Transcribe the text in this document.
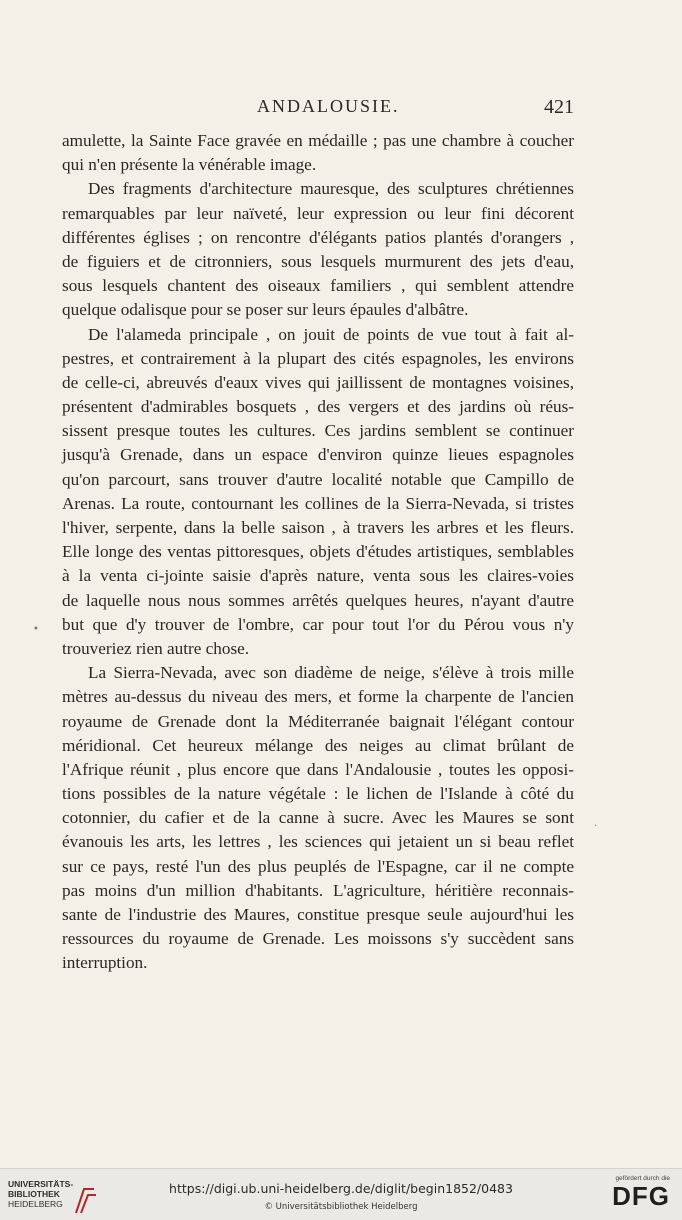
ANDALOUSIE.	421
amulette, la Sainte Face gravée en médaille ; pas une chambre à coucher
qui n'en présente la vénérable image.
Des fragments d'architecture mauresque, des sculptures chrétiennes
remarquables par leur naïveté, leur expression ou leur fini décorent
différentes églises ; on rencontre d'élégants patios plantés d'orangers ,
de figuiers et de citronniers, sous lesquels murmurent des jets d'eau,
sous lesquels chantent des oiseaux familiers , qui semblent attendre
quelque odalisque pour se poser sur leurs épaules d'albâtre.
De l'alameda principale , on jouit de points de vue tout à fait al-
pestres, et contrairement à la plupart des cités espagnoles, les environs
de celle-ci, abreuvés d'eaux vives qui jaillissent de montagnes voisines,
présentent d'admirables bosquets , des vergers et des jardins où réus-
sissent presque toutes les cultures. Ces jardins semblent se continuer
jusqu'à Grenade, dans un espace d'environ quinze lieues espagnoles
qu'on parcourt, sans trouver d'autre localité notable que Campillo de
Arenas. La route, contournant les collines de la Sierra-Nevada, si tristes
l'hiver, serpente, dans la belle saison , à travers les arbres et les fleurs.
Elle longe des ventas pittoresques, objets d'études artistiques, semblables
à la venta ci-jointe saisie d'après nature, venta sous les claires-voies
de laquelle nous nous sommes arrêtés quelques heures, n'ayant d'autre
but que d'y trouver de l'ombre, car pour tout l'or du Pérou vous n'y
trouveriez rien autre chose.
La Sierra-Nevada, avec son diadème de neige, s'élève à trois mille
mètres au-dessus du niveau des mers, et forme la charpente de l'ancien
royaume de Grenade dont la Méditerranée baignait l'élégant contour
méridional. Cet heureux mélange des neiges au climat brûlant de
l'Afrique réunit , plus encore que dans l'Andalousie , toutes les opposi-
tions possibles de la nature végétale : le lichen de l'Islande à côté du
cotonnier, du cafier et de la canne à sucre. Avec les Maures se sont
évanouis les arts, les lettres , les sciences qui jetaient un si beau reflet
sur ce pays, resté l'un des plus peuplés de l'Espagne, car il ne compte
pas moins d'un million d'habitants. L'agriculture, héritière reconnais-
sante de l'industrie des Maures, constitue presque seule aujourd'hui les
ressources du royaume de Grenade. Les moissons s'y succèdent sans
interruption.
•
.
UNIVERSITÄTS-
BIBLIOTHEK
HEIDELBERG
https://digi.ub.uni-heidelberg.de/diglit/begin1852/0483
© Universitätsbibliothek Heidelberg
gefördert durch die
DFG
